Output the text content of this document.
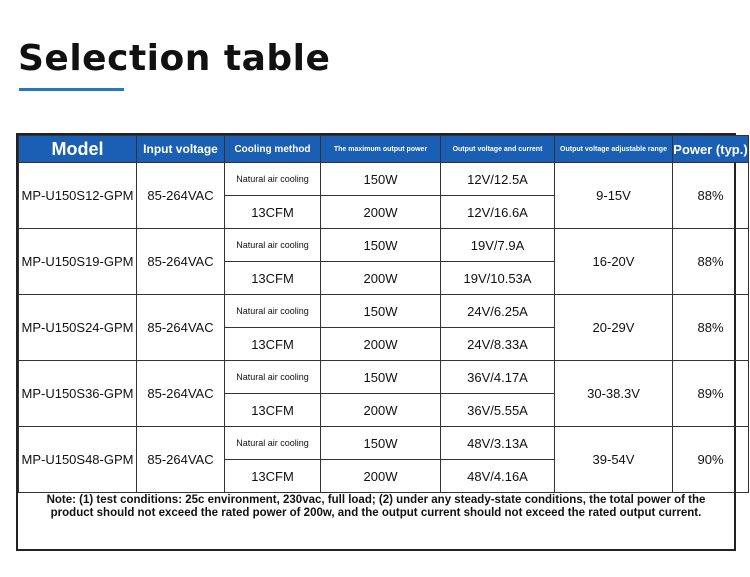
Selection table
Model	Input voltage	Cooling method	The maximum output power	Output voltage and current	Output voltage adjustable range	Power (typ.)
MP-U150S12-GPM	85-264VAC	Natural air cooling	150W	12V/12.5A	9-15V	88%
		13CFM	200W	12V/16.6A		
MP-U150S19-GPM	85-264VAC	Natural air cooling	150W	19V/7.9A	16-20V	88%
		13CFM	200W	19V/10.53A		
MP-U150S24-GPM	85-264VAC	Natural air cooling	150W	24V/6.25A	20-29V	88%
		13CFM	200W	24V/8.33A		
MP-U150S36-GPM	85-264VAC	Natural air cooling	150W	36V/4.17A	30-38.3V	89%
		13CFM	200W	36V/5.55A		
MP-U150S48-GPM	85-264VAC	Natural air cooling	150W	48V/3.13A	39-54V	90%
		13CFM	200W	48V/4.16A		
Note: (1) test conditions: 25c environment, 230vac, full load; (2) under any steady-state conditions, the total power of the product should not exceed the rated power of 200w, and the output current should not exceed the rated output current.
